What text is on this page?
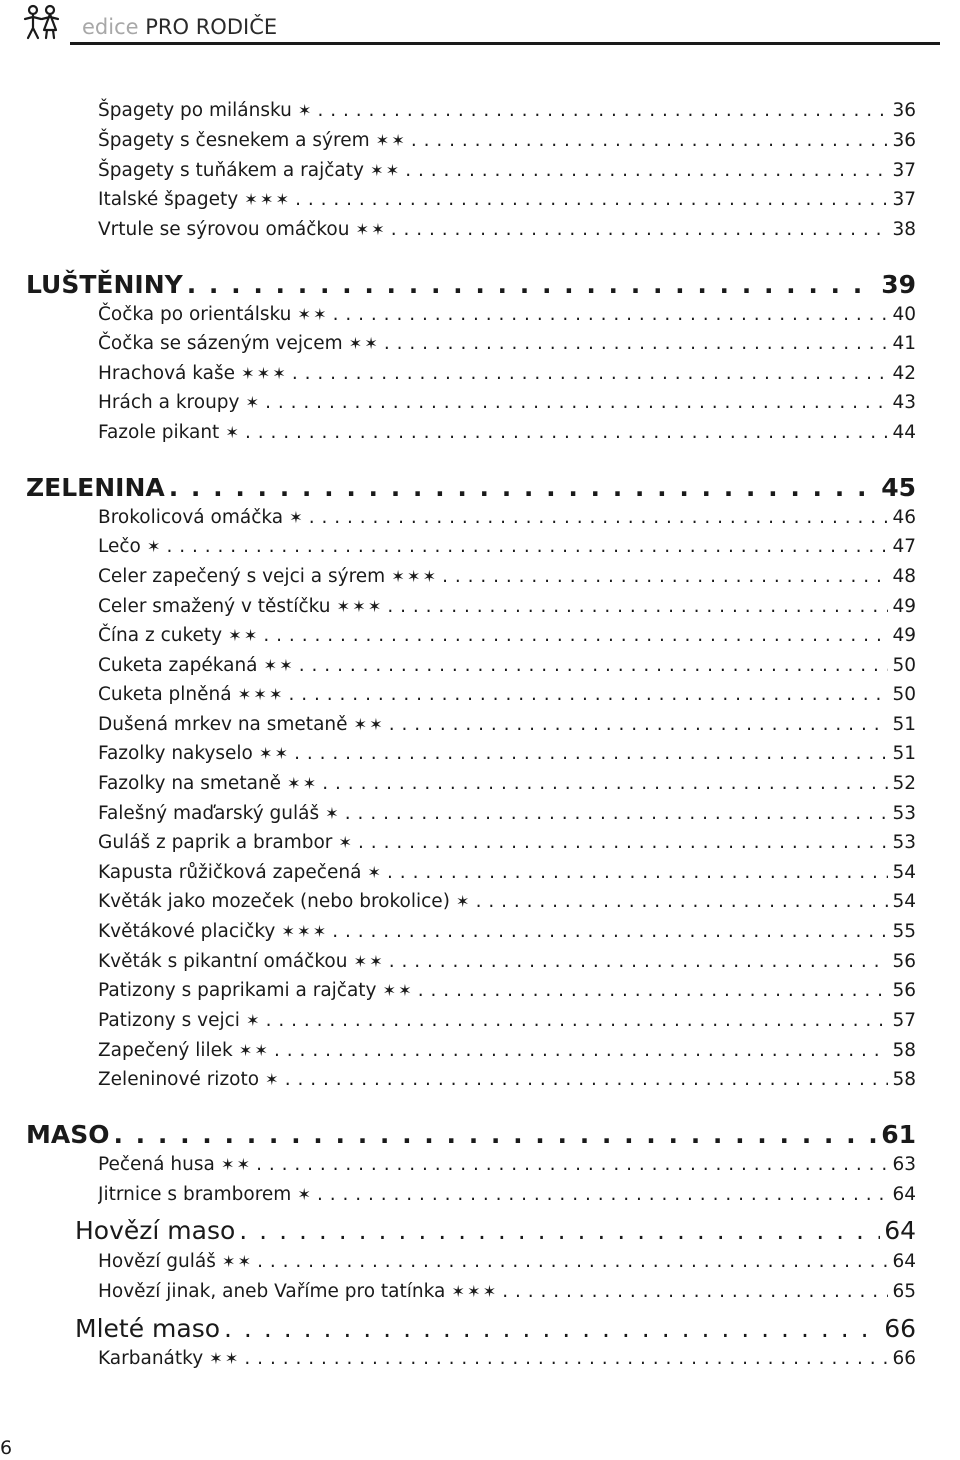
edice PRO RODIČE
Špagety po milánsku ✶ . . .	36
Špagety s česnekem a sýrem ✶✶ . . .	36
Špagety s tuňákem a rajčaty ✶✶ . . .	37
Italské špagety ✶✶✶ . . .	37
Vrtule se sýrovou omáčkou ✶✶ . . .	38
LUŠTĚNINY . . .	39
Čočka po orientálsku ✶✶ . . .	40
Čočka se sázeným vejcem ✶✶ . . .	41
Hrachová kaše ✶✶✶ . . .	42
Hrách a kroupy ✶ . . .	43
Fazole pikant ✶ . . .	44
ZELENINA . . .	45
Brokolicová omáčka ✶ . . .	46
Lečo ✶ . . .	47
Celer zapečený s vejci a sýrem ✶✶✶ . . .	48
Celer smažený v těstíčku ✶✶✶ . . .	49
Čína z cukety ✶✶ . . .	49
Cuketa zapékaná ✶✶ . . .	50
Cuketa plněná ✶✶✶ . . .	50
Dušená mrkev na smetaně ✶✶ . . .	51
Fazolky nakyselo ✶✶ . . .	51
Fazolky na smetaně ✶✶ . . .	52
Falešný maďarský guláš ✶ . . .	53
Guláš z paprik a brambor ✶ . . .	53
Kapusta růžičková zapečená ✶ . . .	54
Květák jako mozeček (nebo brokolice) ✶ . . .	54
Květákové placičky ✶✶✶ . . .	55
Květák s pikantní omáčkou ✶✶ . . .	56
Patizony s paprikami a rajčaty ✶✶ . . .	56
Patizony s vejci ✶ . . .	57
Zapečený lilek ✶✶ . . .	58
Zeleninové rizoto ✶ . . .	58
MASO . . .	61
Pečená husa ✶✶ . . .	63
Jitrnice s bramborem ✶ . . .	64
Hovězí maso . . .	64
Hovězí guláš ✶✶ . . .	64
Hovězí jinak, aneb Vaříme pro tatínka ✶✶✶ . . .	65
Mleté maso . . .	66
Karbanátky ✶✶ . . .	66
6
